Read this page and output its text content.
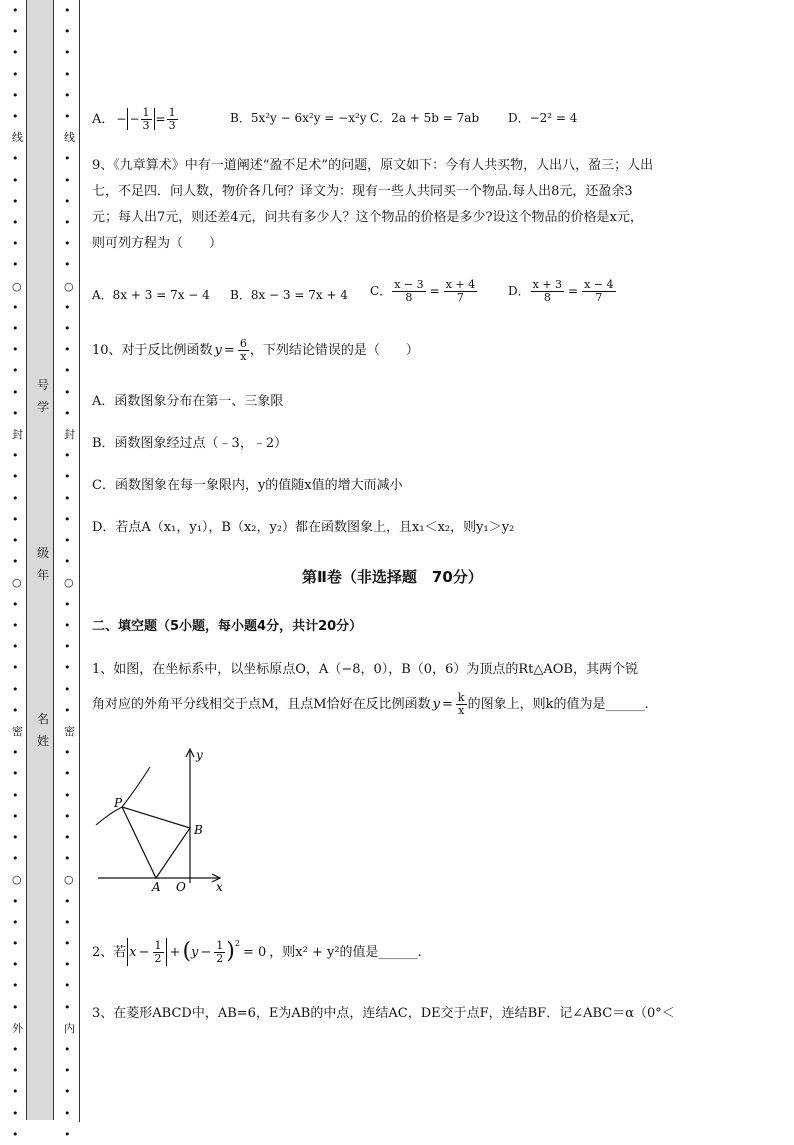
•
•
•
•
•
•
线
•
•
•
•
•
•
○
•
•
•
•
•
•
封
•
•
•
•
•
•
○
•
•
•
•
•
•
密
•
•
•
•
•
•
○
•
•
•
•
•
•
外
•
•
•
•
•
号
学
级
年
名
姓
•
•
•
•
•
•
线
•
•
•
•
•
•
○
•
•
•
•
•
•
封
•
•
•
•
•
•
○
•
•
•
•
•
•
密
•
•
•
•
•
•
○
•
•
•
•
•
•
内
•
•
•
•
•
A． − − $\frac{1}{3} = \frac{1}{3}$	B．5x²y − 6x²y = −x²y C．2a + 5b = 7ab D．−2² = 4
9、《九章算术》中有一道阐述“盈不足术”的问题，原文如下：今有人共买物，人出八，盈三；人出
七，不足四．问人数，物价各几何？译文为：现有一些人共同买一个物品.每人出8元，还盈余3
元；每人出7元，则还差4元，问共有多少人？这个物品的价格是多少?设这个物品的价格是x元，
则可列方程为（　　）
A．8x + 3 = 7x − 4 B．8x − 3 = 7x + 4 C． $\frac{x - 3}{8} = \frac{x + 4}{7}$	D． $\frac{x + 3}{8} = \frac{x - 4}{7}$
10、对于反比例函数 $y = \frac{6}{x}$ ，下列结论错误的是（　　）
A．函数图象分布在第一、三象限
B．函数图象经过点（﹣3，﹣2）
C．函数图象在每一象限内，y的值随x值的增大而减小
D．若点A（x₁，y₁），B（x₂，y₂）都在函数图象上，且x₁＜x₂，则y₁＞y₂
第Ⅱ卷（非选择题　70分）
二、填空题（5小题，每小题4分，共计20分）
1、如图，在坐标系中，以坐标原点O，A（−8，0），B（0，6）为顶点的Rt△AOB，其两个锐
角对应的外角平分线相交于点M，且点M恰好在反比例函数 $y = \frac{k}{x}$ 的图象上，则k的值为是______.
P
B
A O
y
x
2、若 $x - \frac{1}{2}$ + ( $y - \frac{1}{2} )^2$
= 0 ，则x² + y²的值是______.
3、在菱形ABCD中，AB=6，E为AB的中点，连结AC，DE交于点F，连结BF．记∠ABC＝α（0°＜
